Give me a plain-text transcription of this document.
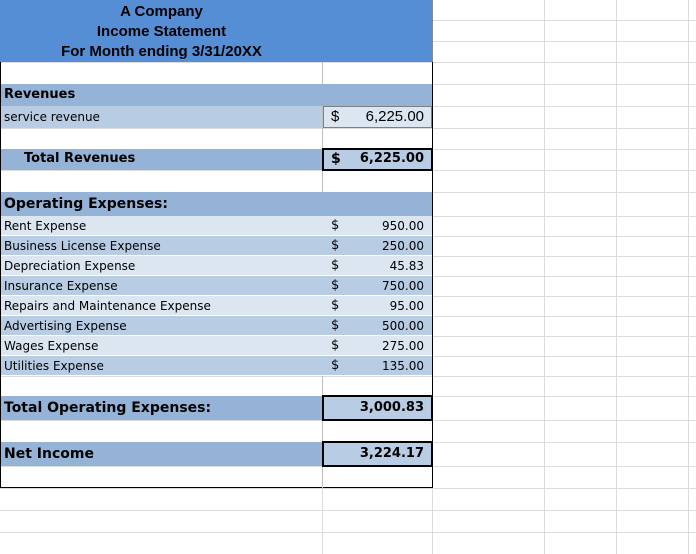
A Company
Income Statement
For Month ending 3/31/20XX
Revenues
service revenue	$ 6,225.00
Total Revenues	$ 6,225.00
Operating Expenses:
Rent Expense	$	950.00
Business License Expense	$	250.00
Depreciation Expense	$	45.83
Insurance Expense	$	750.00
Repairs and Maintenance Expense	$	95.00
Advertising Expense	$	500.00
Wages Expense	$	275.00
Utilities Expense	$	135.00
Total Operating Expenses:	3,000.83
Net Income	3,224.17
